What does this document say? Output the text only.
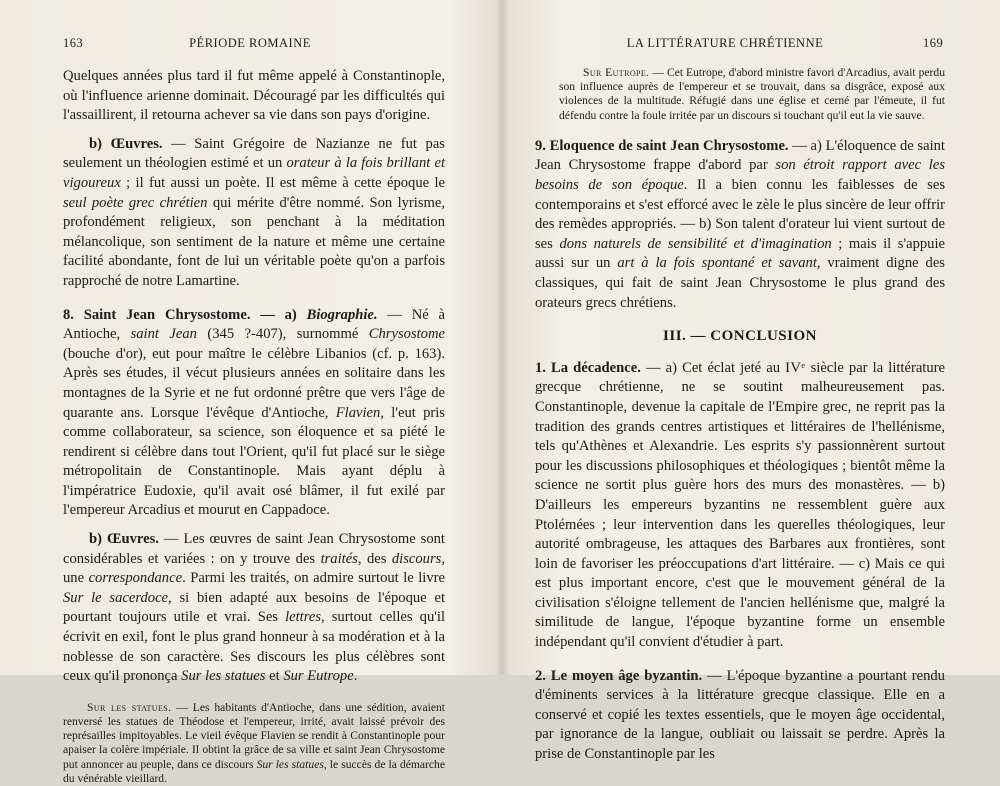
163	PÉRIODE ROMAINE

Quelques années plus tard il fut même appelé à Constantinople, où l'influence arienne dominait. Découragé par les difficultés qui l'assaillirent, il retourna achever sa vie dans son pays d'origine.

b) Œuvres. — Saint Grégoire de Nazianze ne fut pas seulement un théologien estimé et un orateur à la fois brillant et vigoureux ; il fut aussi un poète. Il est même à cette époque le seul poète grec chrétien qui mérite d'être nommé. Son lyrisme, profondément religieux, son penchant à la méditation mélancolique, son sentiment de la nature et même une certaine facilité abondante, font de lui un véritable poète qu'on a parfois rapproché de notre Lamartine.

8. Saint Jean Chrysostome. — a) Biographie. — Né à Antioche, saint Jean (345 ?-407), surnommé Chrysostome (bouche d'or), eut pour maître le célèbre Libanios (cf. p. 163). Après ses études, il vécut plusieurs années en solitaire dans les montagnes de la Syrie et ne fut ordonné prêtre que vers l'âge de quarante ans. Lorsque l'évêque d'Antioche, Flavien, l'eut pris comme collaborateur, sa science, son éloquence et sa piété le rendirent si célèbre dans tout l'Orient, qu'il fut placé sur le siège métropolitain de Constantinople. Mais ayant déplu à l'impératrice Eudoxie, qu'il avait osé blâmer, il fut exilé par l'empereur Arcadius et mourut en Cappadoce.

b) Œuvres. — Les œuvres de saint Jean Chrysostome sont considérables et variées : on y trouve des traités, des discours, une correspondance. Parmi les traités, on admire surtout le livre Sur le sacerdoce, si bien adapté aux besoins de l'époque et pourtant toujours utile et vrai. Ses lettres, surtout celles qu'il écrivit en exil, font le plus grand honneur à sa modération et à la noblesse de son caractère. Ses discours les plus célèbres sont ceux qu'il prononça Sur les statues et Sur Eutrope.

Sur les statues. — Les habitants d'Antioche, dans une sédition, avaient renversé les statues de Théodose et l'empereur, irrité, avait laissé prévoir des représailles impitoyables. Le vieil évêque Flavien se rendit à Constantinople pour apaiser la colère impériale. Il obtint la grâce de sa ville et saint Jean Chrysostome put annoncer au peuple, dans ce discours Sur les statues, le succès de la démarche du vénérable vieillard.

LA LITTÉRATURE CHRÉTIENNE	169

Sur Eutrope. — Cet Eutrope, d'abord ministre favori d'Arcadius, avait perdu son influence auprès de l'empereur et se trouvait, dans sa disgrâce, exposé aux violences de la multitude. Réfugié dans une église et cerné par l'émeute, il fut défendu contre la foule irritée par un discours si touchant qu'il eut la vie sauve.

9. Eloquence de saint Jean Chrysostome. — a) L'éloquence de saint Jean Chrysostome frappe d'abord par son étroit rapport avec les besoins de son époque. Il a bien connu les faiblesses de ses contemporains et s'est efforcé avec le zèle le plus sincère de leur offrir des remèdes appropriés. — b) Son talent d'orateur lui vient surtout de ses dons naturels de sensibilité et d'imagination ; mais il s'appuie aussi sur un art à la fois spontané et savant, vraiment digne des classiques, qui fait de saint Jean Chrysostome le plus grand des orateurs grecs chrétiens.

III. — CONCLUSION

1. La décadence. — a) Cet éclat jeté au IVᵉ siècle par la littérature grecque chrétienne, ne se soutint malheureusement pas. Constantinople, devenue la capitale de l'Empire grec, ne reprit pas la tradition des grands centres artistiques et littéraires de l'hellénisme, tels qu'Athènes et Alexandrie. Les esprits s'y passionnèrent surtout pour les discussions philosophiques et théologiques ; bientôt même la science ne sortit plus guère hors des murs des monastères. — b) D'ailleurs les empereurs byzantins ne ressemblent guère aux Ptolémées ; leur intervention dans les querelles théologiques, leur autorité ombrageuse, les attaques des Barbares aux frontières, sont loin de favoriser les préoccupations d'art littéraire. — c) Mais ce qui est plus important encore, c'est que le mouvement général de la civilisation s'éloigne tellement de l'ancien hellénisme que, malgré la similitude de langue, l'époque byzantine forme un ensemble indépendant qu'il convient d'étudier à part.

2. Le moyen âge byzantin. — L'époque byzantine a pourtant rendu d'éminents services à la littérature grecque classique. Elle en a conservé et copié les textes essentiels, que le moyen âge occidental, par ignorance de la langue, oubliait ou laissait se perdre. Après la prise de Constantinople par les
